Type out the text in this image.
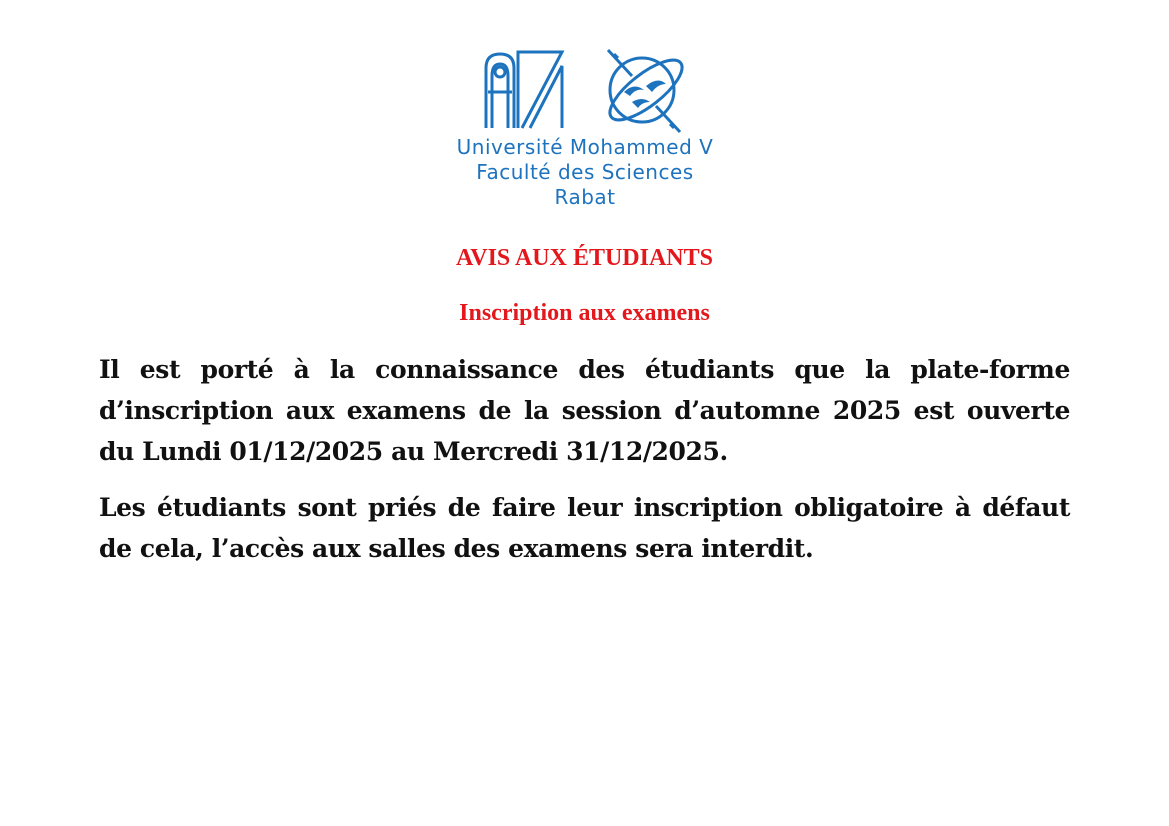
Université Mohammed V
Faculté des Sciences
Rabat
AVIS AUX ÉTUDIANTS
Inscription aux examens

Il est porté à la connaissance des étudiants que la plate-forme d’inscription aux examens de la session d’automne 2025 est ouverte du Lundi 01/12/2025 au Mercredi 31/12/2025.

Les étudiants sont priés de faire leur inscription obligatoire à défaut de cela, l’accès aux salles des examens sera interdit.
